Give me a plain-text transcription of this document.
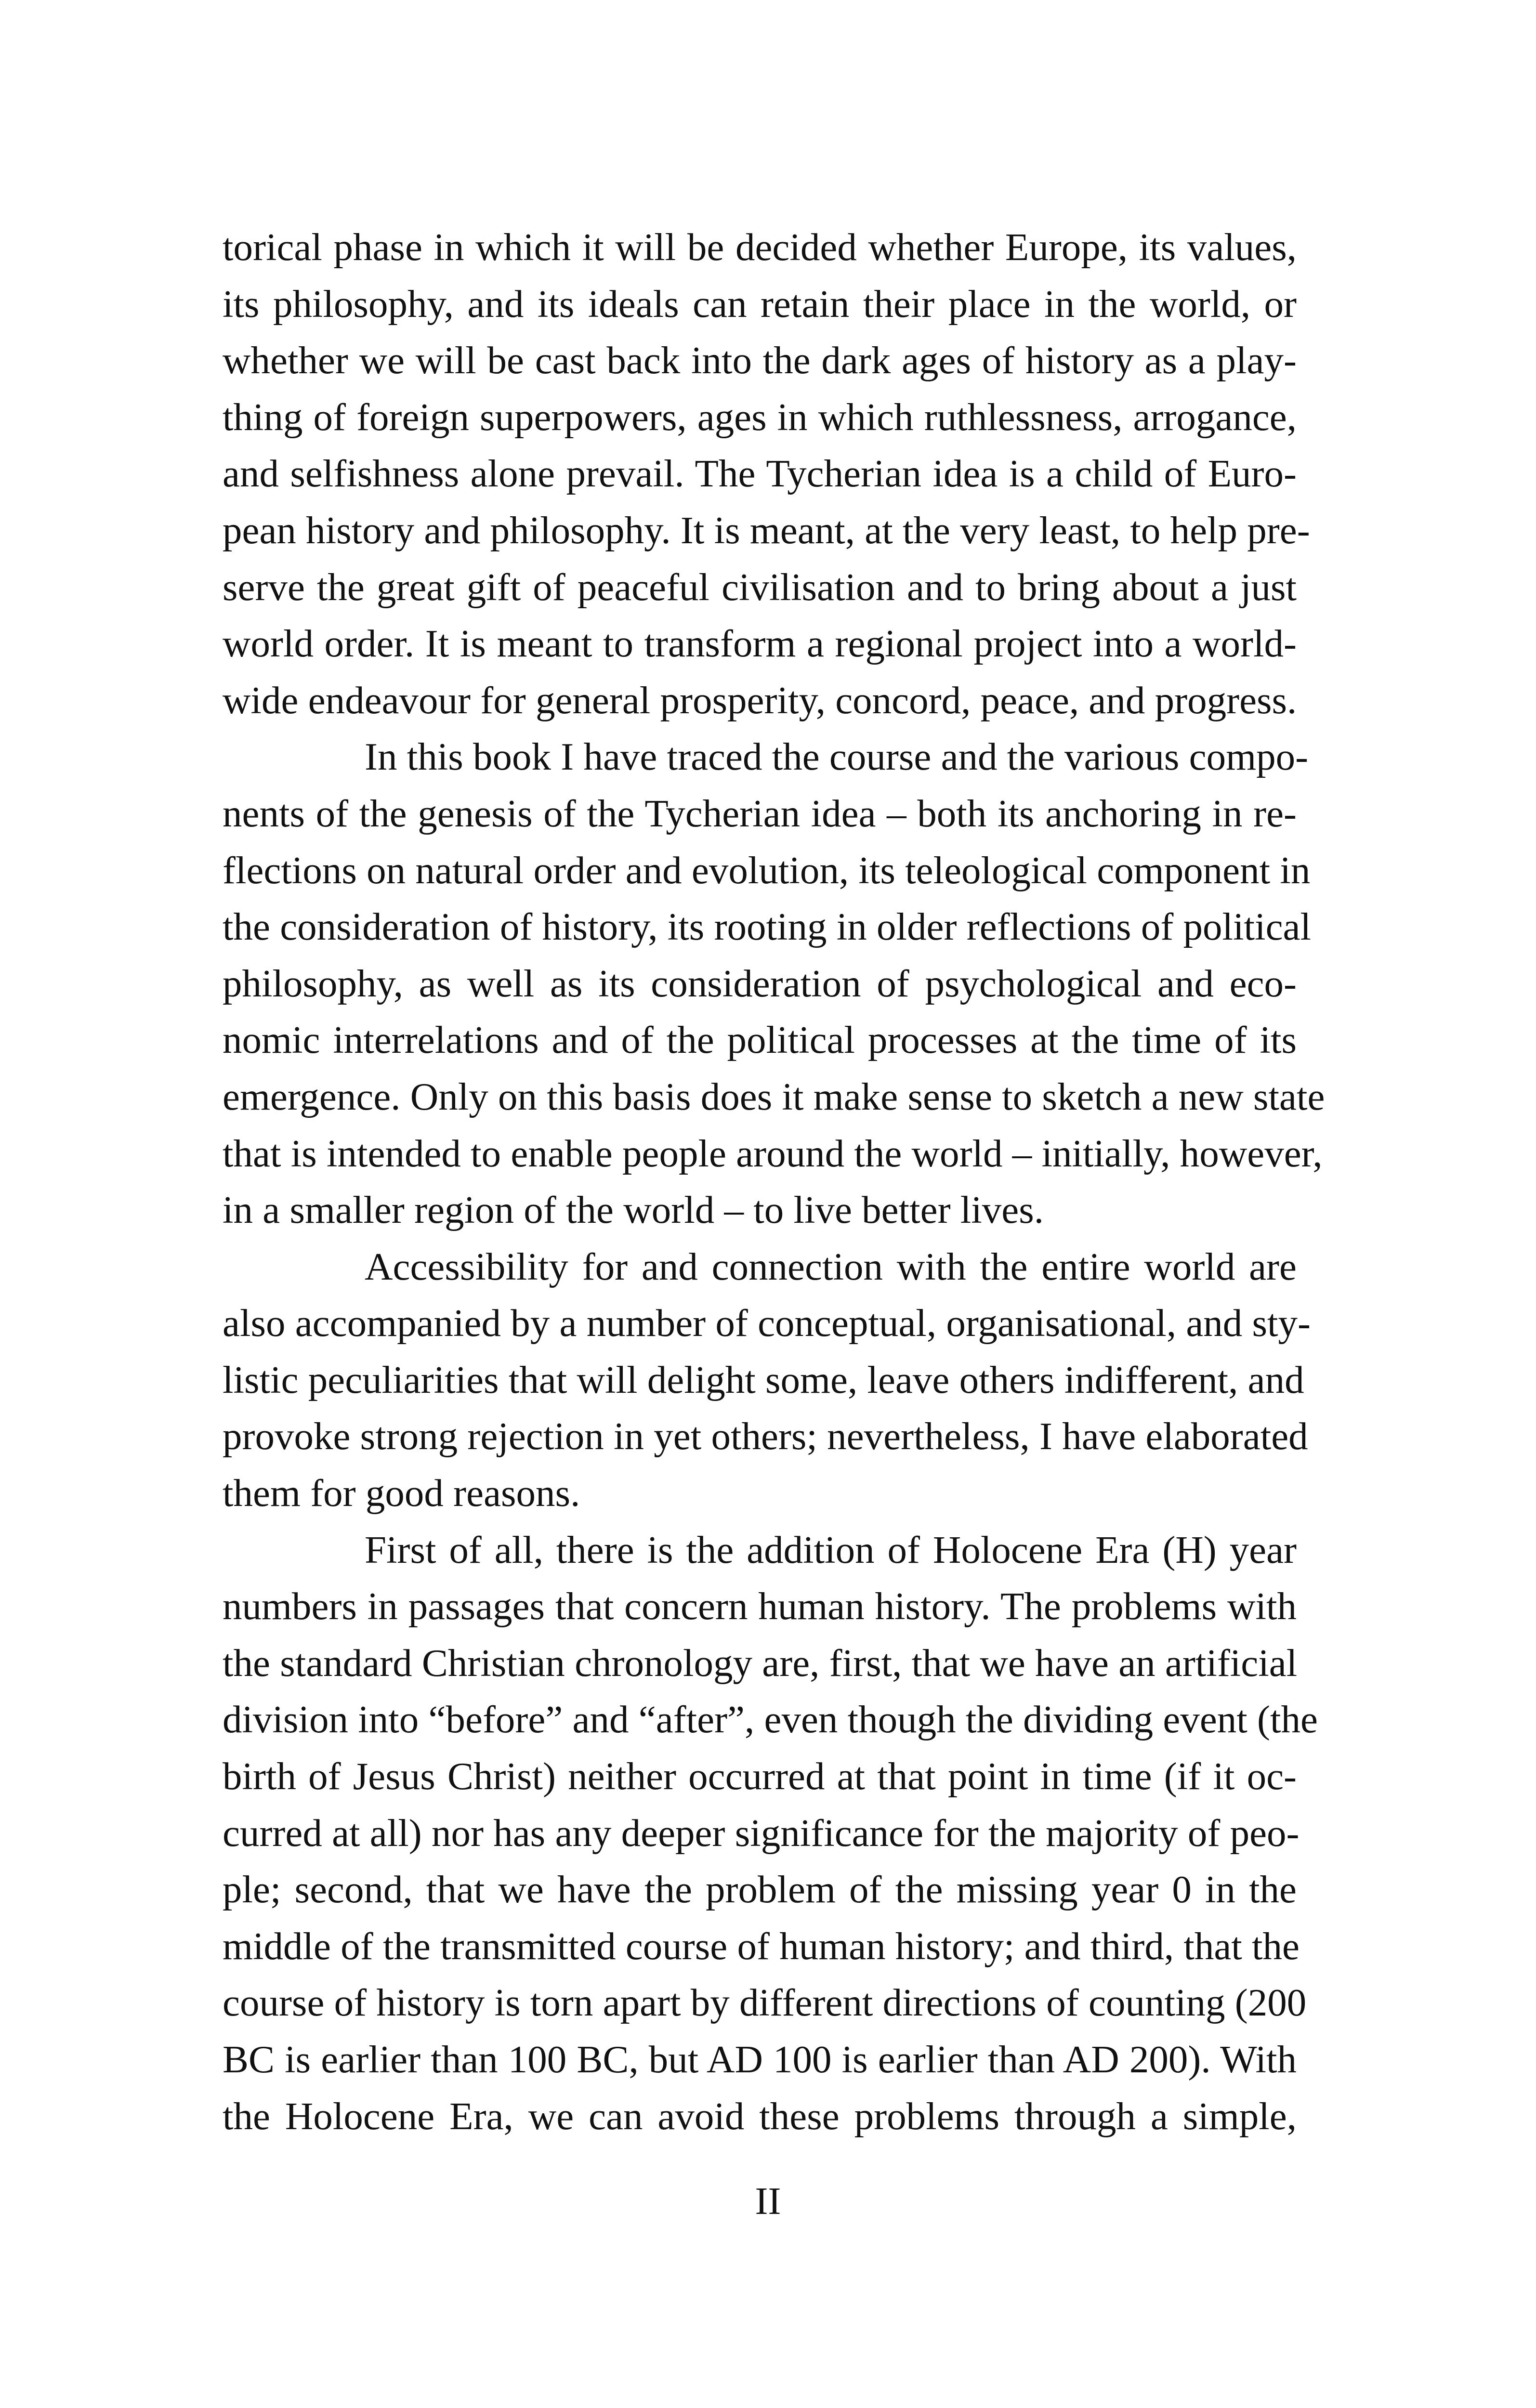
torical phase in which it will be decided whether Europe, its values,
its philosophy, and its ideals can retain their place in the world, or
whether we will be cast back into the dark ages of history as a play-
thing of foreign superpowers, ages in which ruthlessness, arrogance,
and selfishness alone prevail. The Tycherian idea is a child of Euro-
pean history and philosophy. It is meant, at the very least, to help pre-
serve the great gift of peaceful civilisation and to bring about a just
world order. It is meant to transform a regional project into a world-
wide endeavour for general prosperity, concord, peace, and progress.
In this book I have traced the course and the various compo-
nents of the genesis of the Tycherian idea – both its anchoring in re-
flections on natural order and evolution, its teleological component in
the consideration of history, its rooting in older reflections of political
philosophy, as well as its consideration of psychological and eco-
nomic interrelations and of the political processes at the time of its
emergence. Only on this basis does it make sense to sketch a new state
that is intended to enable people around the world – initially, however,
in a smaller region of the world – to live better lives.
Accessibility for and connection with the entire world are
also accompanied by a number of conceptual, organisational, and sty-
listic peculiarities that will delight some, leave others indifferent, and
provoke strong rejection in yet others; nevertheless, I have elaborated
them for good reasons.
First of all, there is the addition of Holocene Era (H) year
numbers in passages that concern human history. The problems with
the standard Christian chronology are, first, that we have an artificial
division into “before” and “after”, even though the dividing event (the
birth of Jesus Christ) neither occurred at that point in time (if it oc-
curred at all) nor has any deeper significance for the majority of peo-
ple; second, that we have the problem of the missing year 0 in the
middle of the transmitted course of human history; and third, that the
course of history is torn apart by different directions of counting (200
BC is earlier than 100 BC, but AD 100 is earlier than AD 200). With
the Holocene Era, we can avoid these problems through a simple,
II
